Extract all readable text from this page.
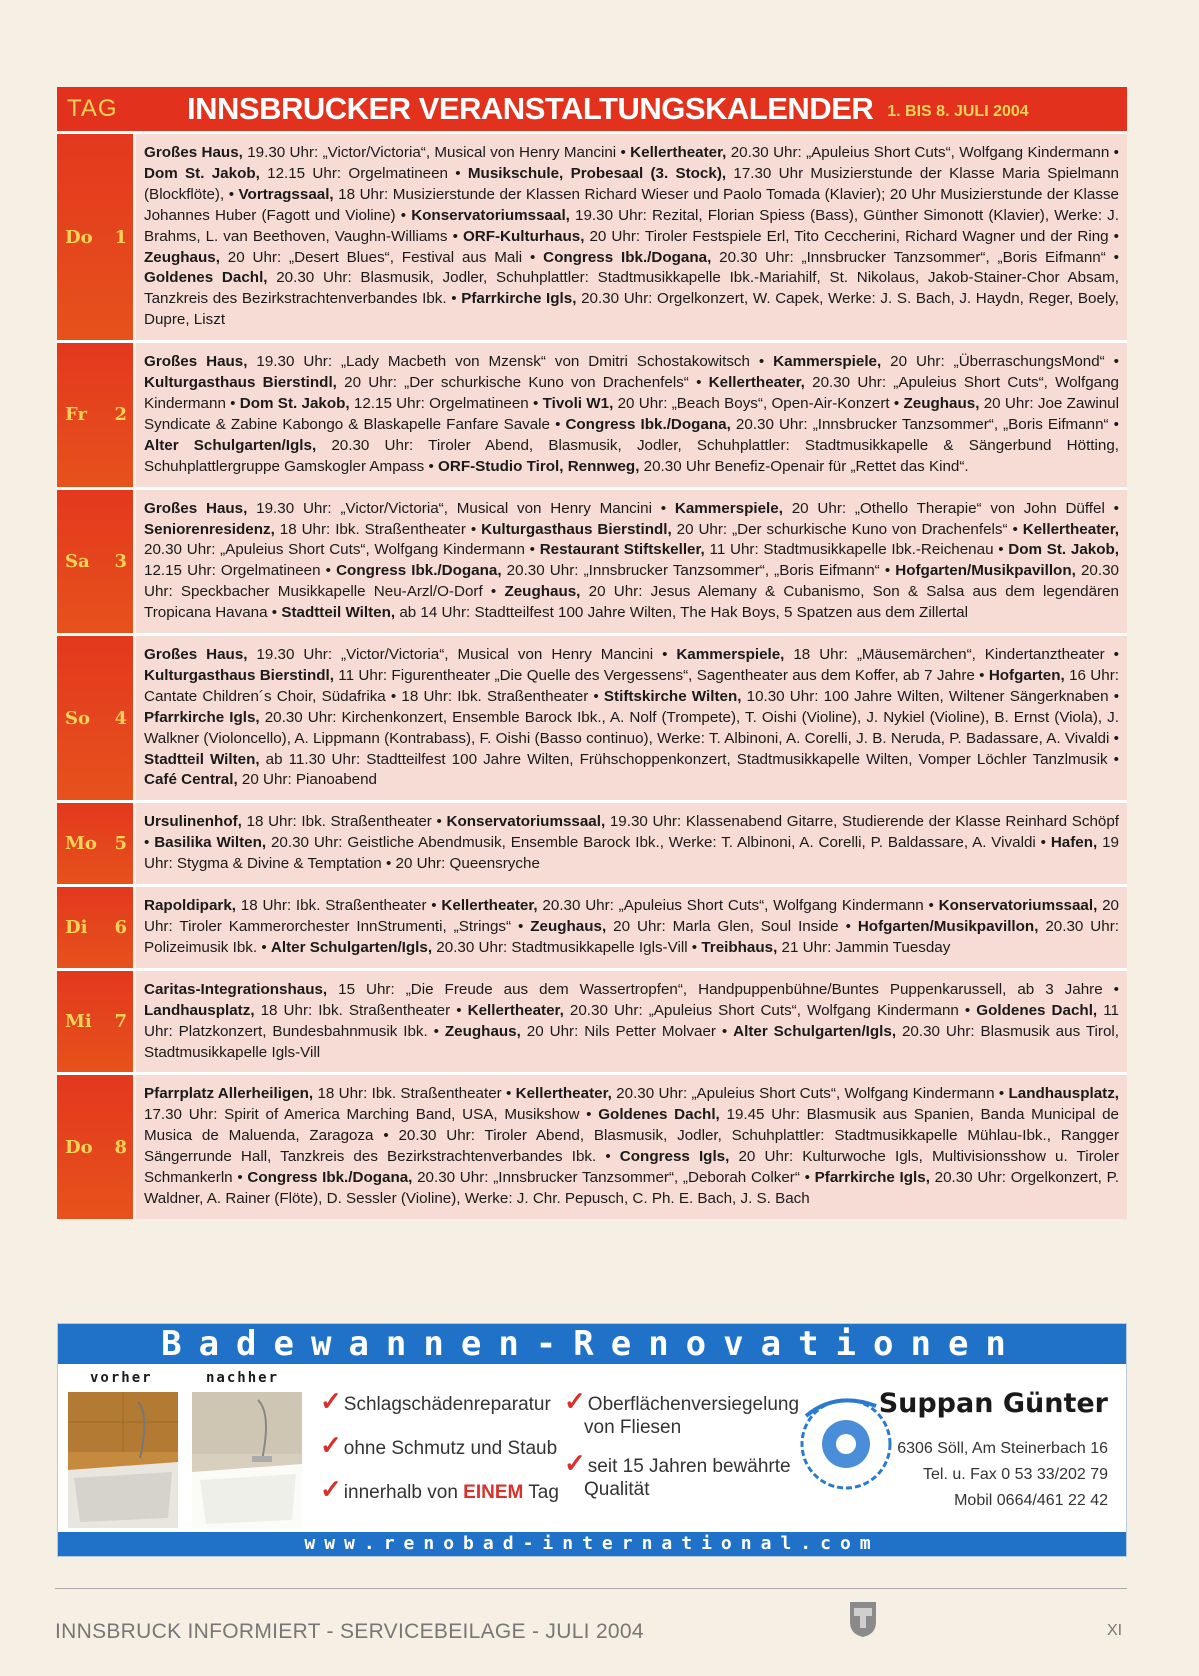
TAG	INNSBRUCKER VERANSTALTUNGSKALENDER 1. BIS 8. JULI 2004
Do 1
Großes Haus, 19.30 Uhr: „Victor/Victoria“, Musical von Henry Mancini • Kellertheater, 20.30 Uhr: „Apuleius Short Cuts“, Wolfgang Kindermann • Dom St. Jakob, 12.15 Uhr: Orgelmatineen • Musikschule, Probesaal (3. Stock), 17.30 Uhr Musizierstunde der Klasse Maria Spielmann (Blockflöte), • Vortragssaal, 18 Uhr: Musizierstunde der Klassen Richard Wieser und Paolo Tomada (Klavier); 20 Uhr Musizierstunde der Klasse Johannes Huber (Fagott und Violine) • Konservatoriumssaal, 19.30 Uhr: Rezital, Florian Spiess (Bass), Günther Simonott (Klavier), Werke: J. Brahms, L. van Beethoven, Vaughn-Williams • ORF-Kulturhaus, 20 Uhr: Tiroler Festspiele Erl, Tito Ceccherini, Richard Wagner und der Ring • Zeughaus, 20 Uhr: „Desert Blues“, Festival aus Mali • Congress Ibk./Dogana, 20.30 Uhr: „Innsbrucker Tanzsommer“, „Boris Eifmann“ • Goldenes Dachl, 20.30 Uhr: Blasmusik, Jodler, Schuhplattler: Stadtmusikkapelle Ibk.-Mariahilf, St. Nikolaus, Jakob-Stainer-Chor Absam, Tanzkreis des Bezirkstrachtenverbandes Ibk. • Pfarrkirche Igls, 20.30 Uhr: Orgelkonzert, W. Capek, Werke: J. S. Bach, J. Haydn, Reger, Boely, Dupre, Liszt
Fr 2
Großes Haus, 19.30 Uhr: „Lady Macbeth von Mzensk“ von Dmitri Schostakowitsch • Kammerspiele, 20 Uhr: „ÜberraschungsMond“ • Kulturgasthaus Bierstindl, 20 Uhr: „Der schurkische Kuno von Drachenfels“ • Kellertheater, 20.30 Uhr: „Apuleius Short Cuts“, Wolfgang Kindermann • Dom St. Jakob, 12.15 Uhr: Orgelmatineen • Tivoli W1, 20 Uhr: „Beach Boys“, Open-Air-Konzert • Zeughaus, 20 Uhr: Joe Zawinul Syndicate & Zabine Kabongo & Blaskapelle Fanfare Savale • Congress Ibk./Dogana, 20.30 Uhr: „Innsbrucker Tanzsommer“, „Boris Eifmann“ • Alter Schulgarten/Igls, 20.30 Uhr: Tiroler Abend, Blasmusik, Jodler, Schuhplattler: Stadtmusikkapelle & Sängerbund Hötting, Schuhplattlergruppe Gamskogler Ampass • ORF-Studio Tirol, Rennweg, 20.30 Uhr Benefiz-Openair für „Rettet das Kind“.
Sa 3
Großes Haus, 19.30 Uhr: „Victor/Victoria“, Musical von Henry Mancini • Kammerspiele, 20 Uhr: „Othello Therapie“ von John Düffel • Seniorenresidenz, 18 Uhr: Ibk. Straßentheater • Kulturgasthaus Bierstindl, 20 Uhr: „Der schurkische Kuno von Drachenfels“ • Kellertheater, 20.30 Uhr: „Apuleius Short Cuts“, Wolfgang Kindermann • Restaurant Stiftskeller, 11 Uhr: Stadtmusikkapelle Ibk.-Reichenau • Dom St. Jakob, 12.15 Uhr: Orgelmatineen • Congress Ibk./Dogana, 20.30 Uhr: „Innsbrucker Tanzsommer“, „Boris Eifmann“ • Hofgarten/Musikpavillon, 20.30 Uhr: Speckbacher Musikkapelle Neu-Arzl/O-Dorf • Zeughaus, 20 Uhr: Jesus Alemany & Cubanismo, Son & Salsa aus dem legendären Tropicana Havana • Stadtteil Wilten, ab 14 Uhr: Stadtteilfest 100 Jahre Wilten, The Hak Boys, 5 Spatzen aus dem Zillertal
So 4
Großes Haus, 19.30 Uhr: „Victor/Victoria“, Musical von Henry Mancini • Kammerspiele, 18 Uhr: „Mäusemärchen“, Kindertanztheater • Kulturgasthaus Bierstindl, 11 Uhr: Figurentheater „Die Quelle des Vergessens“, Sagentheater aus dem Koffer, ab 7 Jahre • Hofgarten, 16 Uhr: Cantate Children´s Choir, Südafrika • 18 Uhr: Ibk. Straßentheater • Stiftskirche Wilten, 10.30 Uhr: 100 Jahre Wilten, Wiltener Sängerknaben • Pfarrkirche Igls, 20.30 Uhr: Kirchenkonzert, Ensemble Barock Ibk., A. Nolf (Trompete), T. Oishi (Violine), J. Nykiel (Violine), B. Ernst (Viola), J. Walkner (Violoncello), A. Lippmann (Kontrabass), F. Oishi (Basso continuo), Werke: T. Albinoni, A. Corelli, J. B. Neruda, P. Badassare, A. Vivaldi • Stadtteil Wilten, ab 11.30 Uhr: Stadtteilfest 100 Jahre Wilten, Frühschoppenkonzert, Stadtmusikkapelle Wilten, Vomper Löchler Tanzlmusik • Café Central, 20 Uhr: Pianoabend
Mo 5
Ursulinenhof, 18 Uhr: Ibk. Straßentheater • Konservatoriumssaal, 19.30 Uhr: Klassenabend Gitarre, Studierende der Klasse Reinhard Schöpf • Basilika Wilten, 20.30 Uhr: Geistliche Abendmusik, Ensemble Barock Ibk., Werke: T. Albinoni, A. Corelli, P. Baldassare, A. Vivaldi • Hafen, 19 Uhr: Stygma & Divine & Temptation • 20 Uhr: Queensryche
Di 6
Rapoldipark, 18 Uhr: Ibk. Straßentheater • Kellertheater, 20.30 Uhr: „Apuleius Short Cuts“, Wolfgang Kindermann • Konservatoriumssaal, 20 Uhr: Tiroler Kammerorchester InnStrumenti, „Strings“ • Zeughaus, 20 Uhr: Marla Glen, Soul Inside • Hofgarten/Musikpavillon, 20.30 Uhr: Polizeimusik Ibk. • Alter Schulgarten/Igls, 20.30 Uhr: Stadtmusikkapelle Igls-Vill • Treibhaus, 21 Uhr: Jammin Tuesday
Mi 7
Caritas-Integrationshaus, 15 Uhr: „Die Freude aus dem Wassertropfen“, Handpuppenbühne/Buntes Puppenkarussell, ab 3 Jahre • Landhausplatz, 18 Uhr: Ibk. Straßentheater • Kellertheater, 20.30 Uhr: „Apuleius Short Cuts“, Wolfgang Kindermann • Goldenes Dachl, 11 Uhr: Platzkonzert, Bundesbahnmusik Ibk. • Zeughaus, 20 Uhr: Nils Petter Molvaer • Alter Schulgarten/Igls, 20.30 Uhr: Blasmusik aus Tirol, Stadtmusikkapelle Igls-Vill
Do 8
Pfarrplatz Allerheiligen, 18 Uhr: Ibk. Straßentheater • Kellertheater, 20.30 Uhr: „Apuleius Short Cuts“, Wolfgang Kindermann • Landhausplatz, 17.30 Uhr: Spirit of America Marching Band, USA, Musikshow • Goldenes Dachl, 19.45 Uhr: Blasmusik aus Spanien, Banda Municipal de Musica de Maluenda, Zaragoza • 20.30 Uhr: Tiroler Abend, Blasmusik, Jodler, Schuhplattler: Stadtmusikkapelle Mühlau-Ibk., Rangger Sängerrunde Hall, Tanzkreis des Bezirkstrachtenverbandes Ibk. • Congress Igls, 20 Uhr: Kulturwoche Igls, Multivisionsshow u. Tiroler Schmankerln • Congress Ibk./Dogana, 20.30 Uhr: „Innsbrucker Tanzsommer“, „Deborah Colker“ • Pfarrkirche Igls, 20.30 Uhr: Orgelkonzert, P. Waldner, A. Rainer (Flöte), D. Sessler (Violine), Werke: J. Chr. Pepusch, C. Ph. E. Bach, J. S. Bach
Badewannen-Renovationen
vorher	nachher
✓ Schlagschädenreparatur
✓ ohne Schmutz und Staub
✓ innerhalb von EINEM Tag
✓ Oberflächenversiegelung
von Fliesen
✓ seit 15 Jahren bewährte
Qualität
Suppan Günter
6306 Söll, Am Steinerbach 16
Tel. u. Fax 0 53 33/202 79
Mobil 0664/461 22 42
www.renobad-international.com
INNSBRUCK INFORMIERT - SERVICEBEILAGE - JULI 2004	XI
